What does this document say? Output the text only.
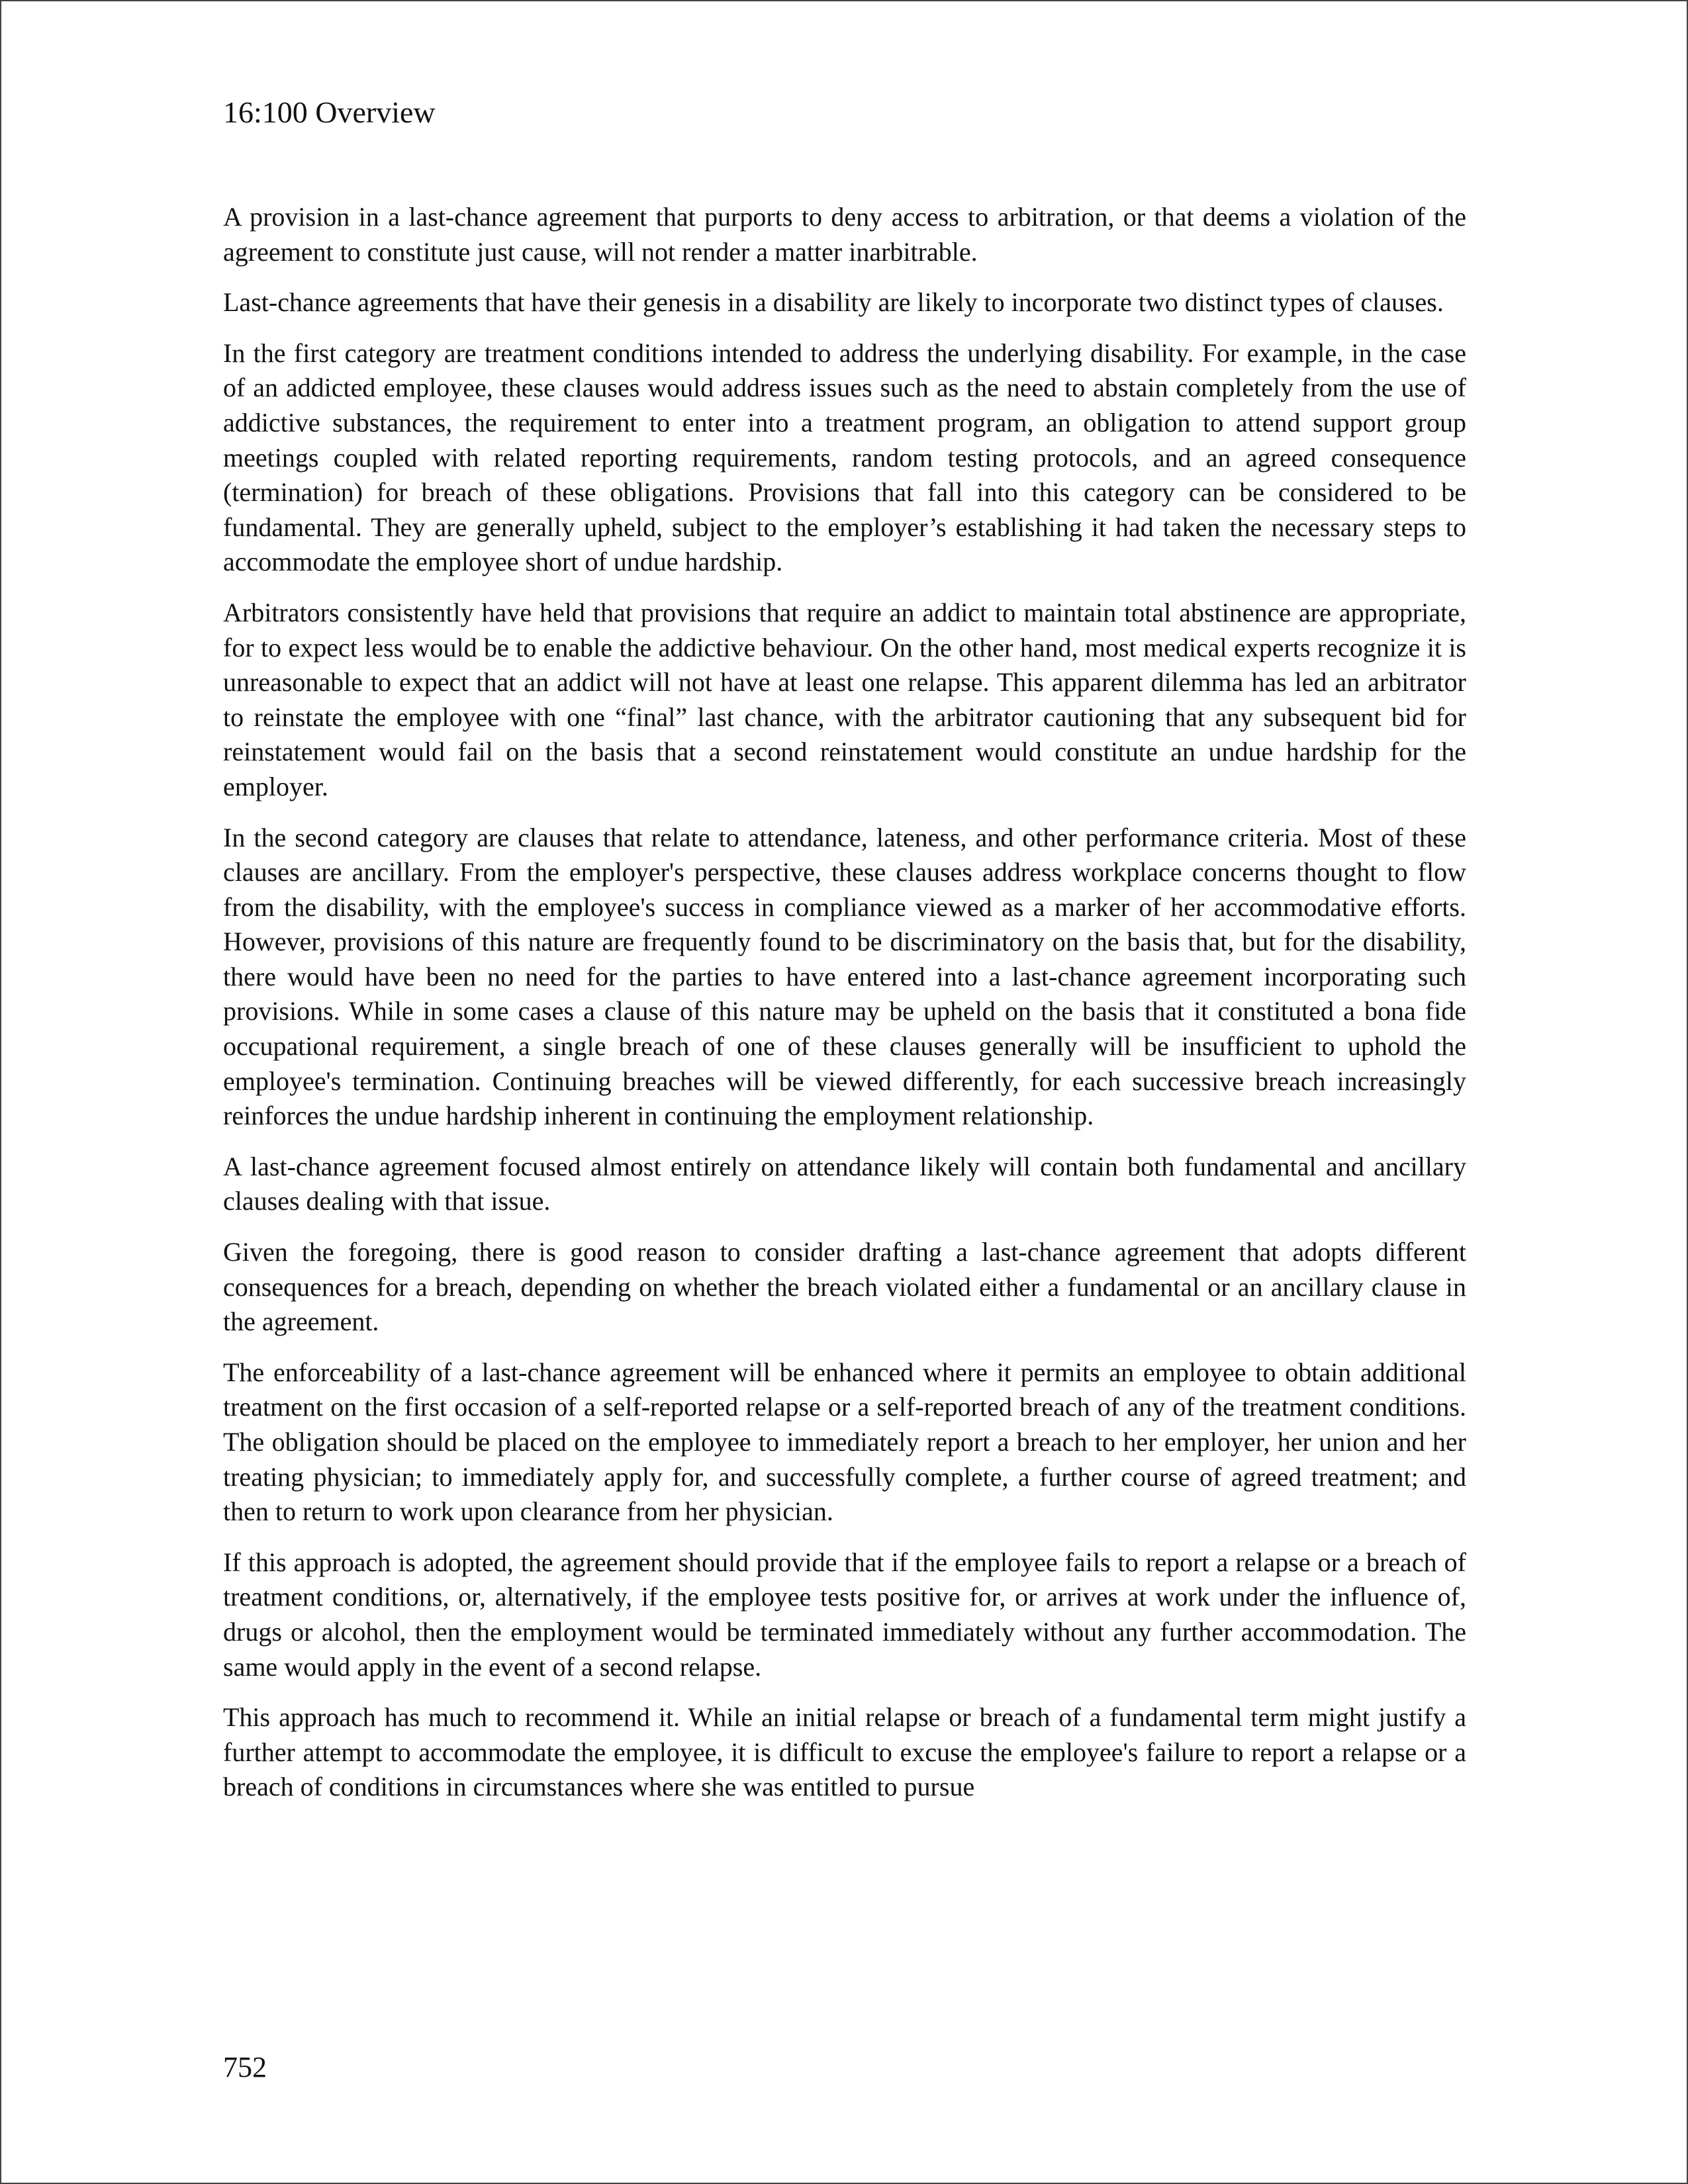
16:100 Overview

A provision in a last-chance agreement that purports to deny access to arbitration, or that deems a violation of the agreement to constitute just cause, will not render a matter inarbitrable.

Last-chance agreements that have their genesis in a disability are likely to incorporate two distinct types of clauses.

In the first category are treatment conditions intended to address the underlying disability. For example, in the case of an addicted employee, these clauses would address issues such as the need to abstain completely from the use of addictive substances, the requirement to enter into a treatment program, an obligation to attend support group meetings coupled with related reporting requirements, random testing protocols, and an agreed consequence (termination) for breach of these obligations. Provisions that fall into this category can be considered to be fundamental. They are generally upheld, subject to the employer’s establishing it had taken the necessary steps to accommodate the employee short of undue hardship.

Arbitrators consistently have held that provisions that require an addict to maintain total abstinence are appropriate, for to expect less would be to enable the addictive behaviour. On the other hand, most medical experts recognize it is unreasonable to expect that an addict will not have at least one relapse. This apparent dilemma has led an arbitrator to reinstate the employee with one “final” last chance, with the arbitrator cautioning that any subsequent bid for reinstatement would fail on the basis that a second reinstatement would constitute an undue hardship for the employer.

In the second category are clauses that relate to attendance, lateness, and other performance criteria. Most of these clauses are ancillary. From the employer's perspective, these clauses address workplace concerns thought to flow from the disability, with the employee's success in compliance viewed as a marker of her accommodative efforts. However, provisions of this nature are frequently found to be discriminatory on the basis that, but for the disability, there would have been no need for the parties to have entered into a last-chance agreement incorporating such provisions. While in some cases a clause of this nature may be upheld on the basis that it constituted a bona fide occupational requirement, a single breach of one of these clauses generally will be insufficient to uphold the employee's termination. Continuing breaches will be viewed differently, for each successive breach increasingly reinforces the undue hardship inherent in continuing the employment relationship.

A last-chance agreement focused almost entirely on attendance likely will contain both fundamental and ancillary clauses dealing with that issue.

Given the foregoing, there is good reason to consider drafting a last-chance agreement that adopts different consequences for a breach, depending on whether the breach violated either a fundamental or an ancillary clause in the agreement.

The enforceability of a last-chance agreement will be enhanced where it permits an employee to obtain additional treatment on the first occasion of a self-reported relapse or a self-reported breach of any of the treatment conditions. The obligation should be placed on the employee to immediately report a breach to her employer, her union and her treating physician; to immediately apply for, and successfully complete, a further course of agreed treatment; and then to return to work upon clearance from her physician.

If this approach is adopted, the agreement should provide that if the employee fails to report a relapse or a breach of treatment conditions, or, alternatively, if the employee tests positive for, or arrives at work under the influence of, drugs or alcohol, then the employment would be terminated immediately without any further accommodation. The same would apply in the event of a second relapse.

This approach has much to recommend it. While an initial relapse or breach of a fundamental term might justify a further attempt to accommodate the employee, it is difficult to excuse the employee's failure to report a relapse or a breach of conditions in circumstances where she was entitled to pursue

752
